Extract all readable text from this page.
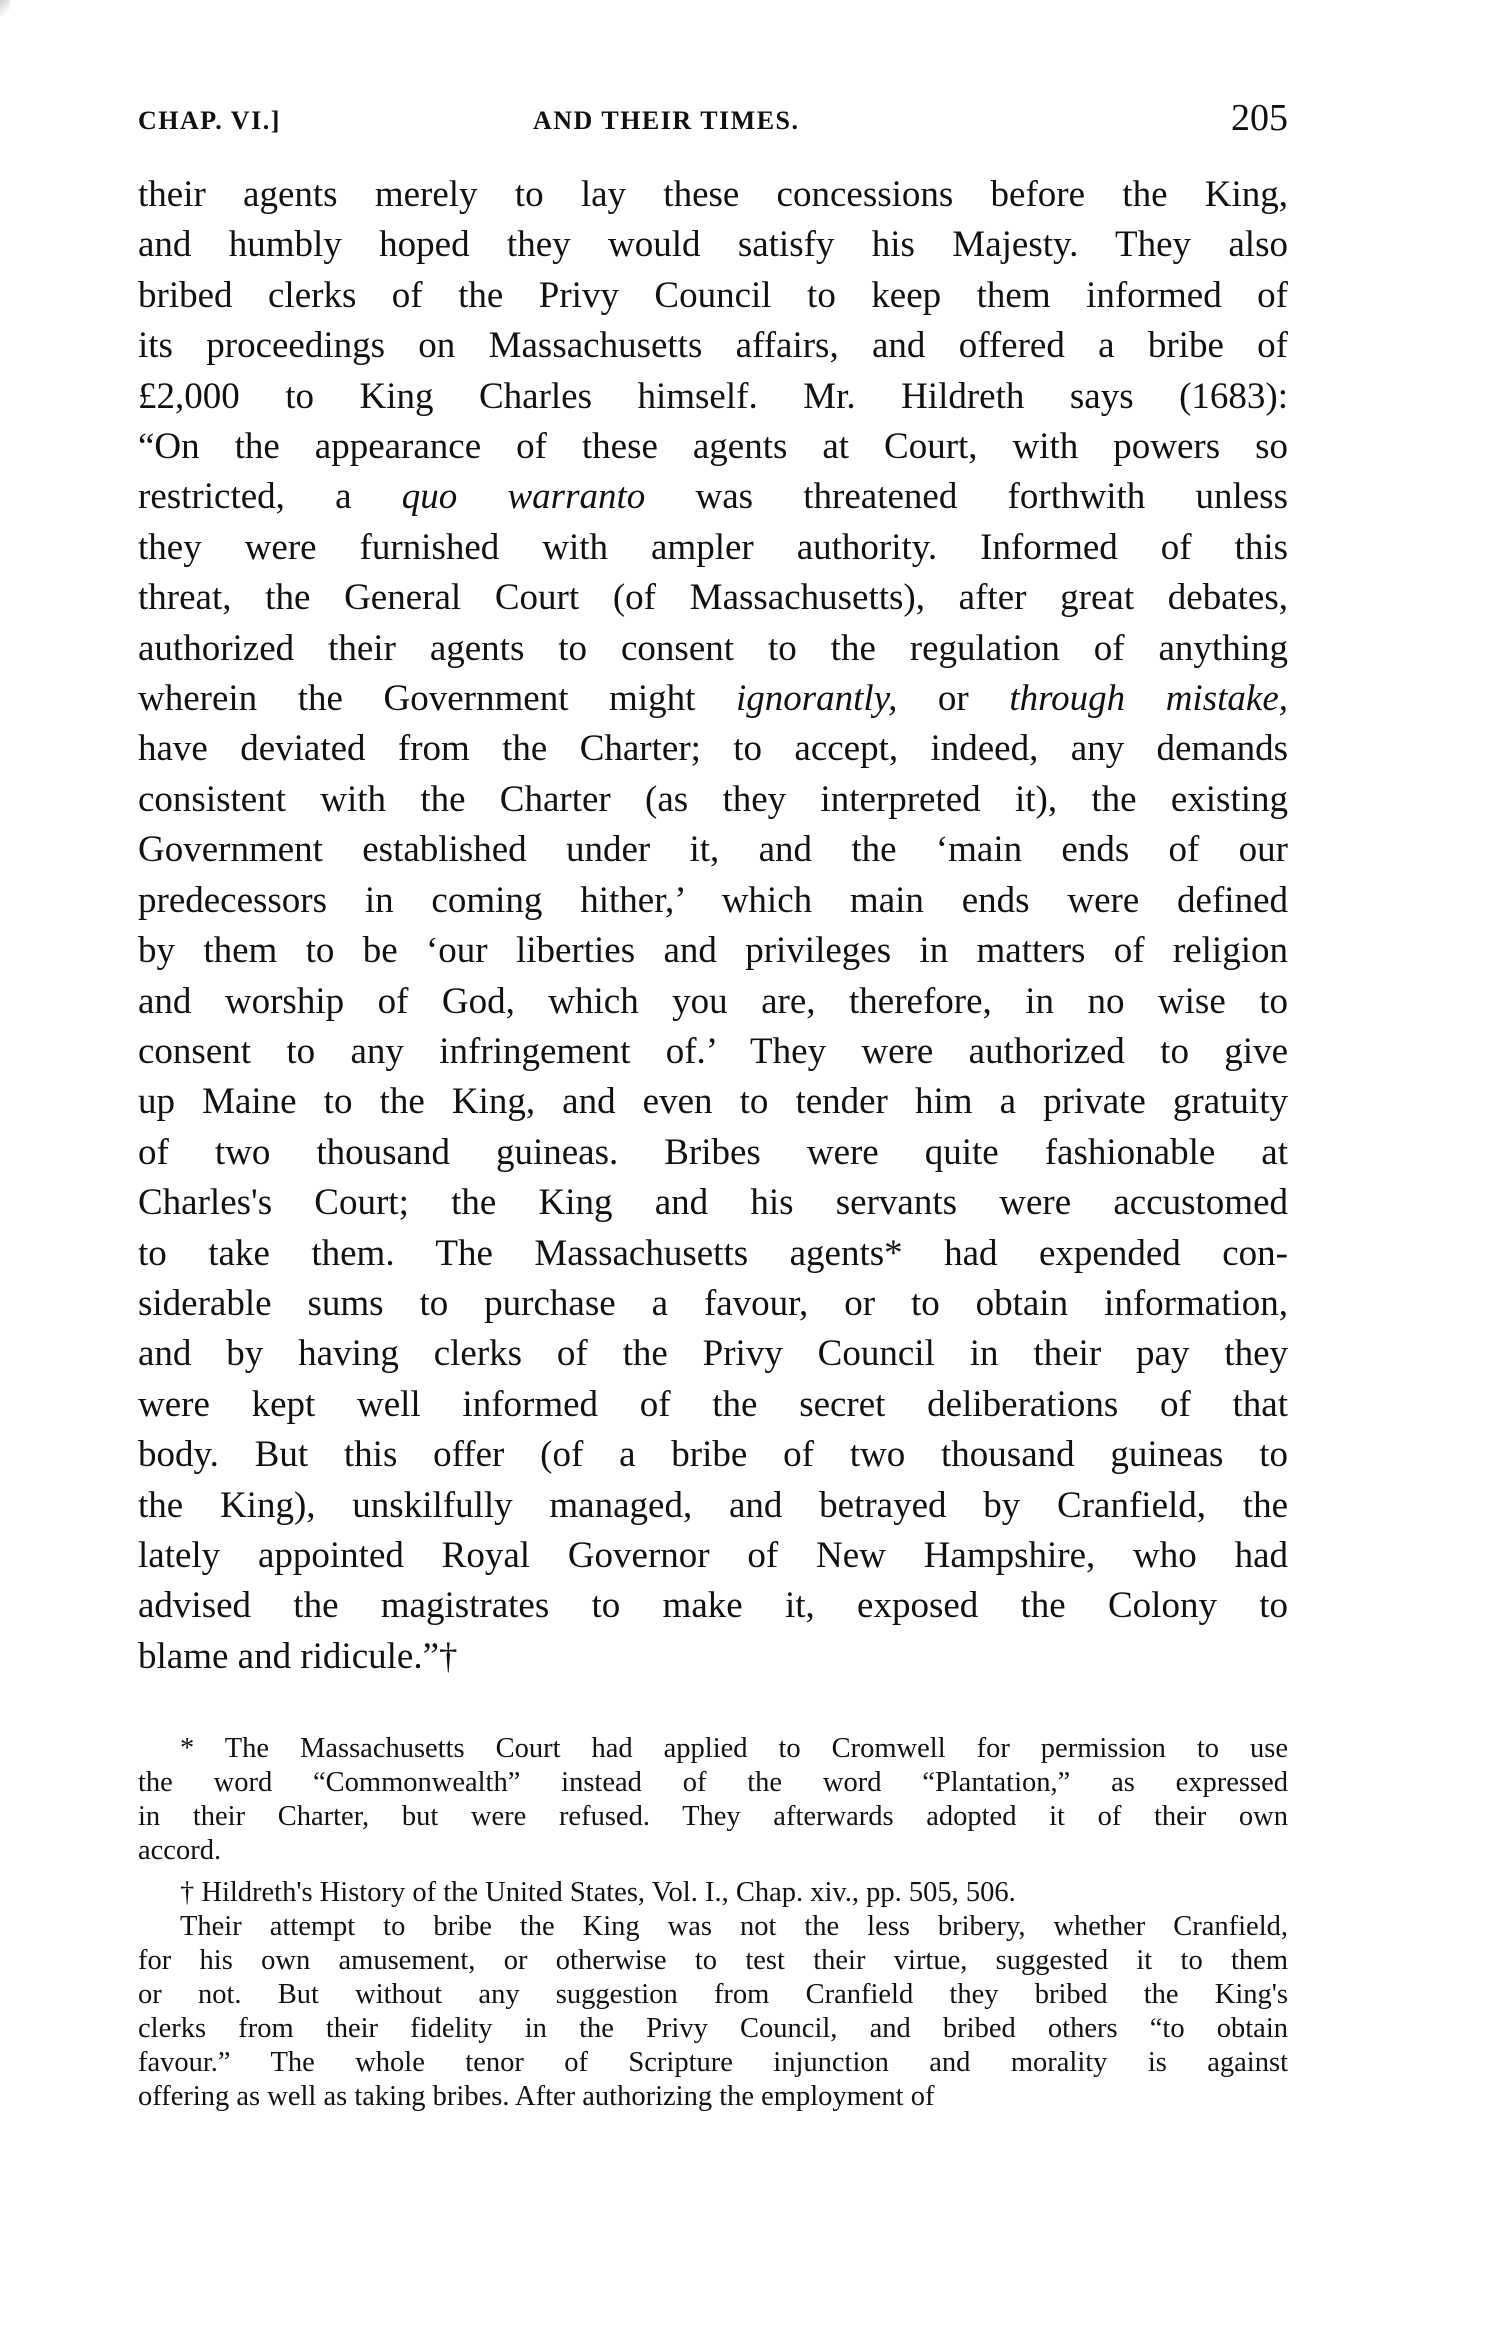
CHAP. VI.]	AND THEIR TIMES.	205
their agents merely to lay these concessions before the King,
and humbly hoped they would satisfy his Majesty. They also
bribed clerks of the Privy Council to keep them informed of
its proceedings on Massachusetts affairs, and offered a bribe of
£2,000 to King Charles himself. Mr. Hildreth says (1683):
“On the appearance of these agents at Court, with powers so
restricted, a quo warranto was threatened forthwith unless
they were furnished with ampler authority. Informed of this
threat, the General Court (of Massachusetts), after great debates,
authorized their agents to consent to the regulation of anything
wherein the Government might ignorantly, or through mistake,
have deviated from the Charter; to accept, indeed, any demands
consistent with the Charter (as they interpreted it), the existing
Government established under it, and the ‘main ends of our
predecessors in coming hither,’ which main ends were defined
by them to be ‘our liberties and privileges in matters of religion
and worship of God, which you are, therefore, in no wise to
consent to any infringement of.’ They were authorized to give
up Maine to the King, and even to tender him a private gratuity
of two thousand guineas. Bribes were quite fashionable at
Charles's Court; the King and his servants were accustomed
to take them. The Massachusetts agents* had expended con-
siderable sums to purchase a favour, or to obtain information,
and by having clerks of the Privy Council in their pay they
were kept well informed of the secret deliberations of that
body. But this offer (of a bribe of two thousand guineas to
the King), unskilfully managed, and betrayed by Cranfield, the
lately appointed Royal Governor of New Hampshire, who had
advised the magistrates to make it, exposed the Colony to
blame and ridicule.”†
* The Massachusetts Court had applied to Cromwell for permission to use
the word “Commonwealth” instead of the word “Plantation,” as expressed
in their Charter, but were refused. They afterwards adopted it of their own
accord.
† Hildreth's History of the United States, Vol. I., Chap. xiv., pp. 505, 506.
Their attempt to bribe the King was not the less bribery, whether Cranfield,
for his own amusement, or otherwise to test their virtue, suggested it to them
or not. But without any suggestion from Cranfield they bribed the King's
clerks from their fidelity in the Privy Council, and bribed others “to obtain
favour.” The whole tenor of Scripture injunction and morality is against
offering as well as taking bribes. After authorizing the employment of
